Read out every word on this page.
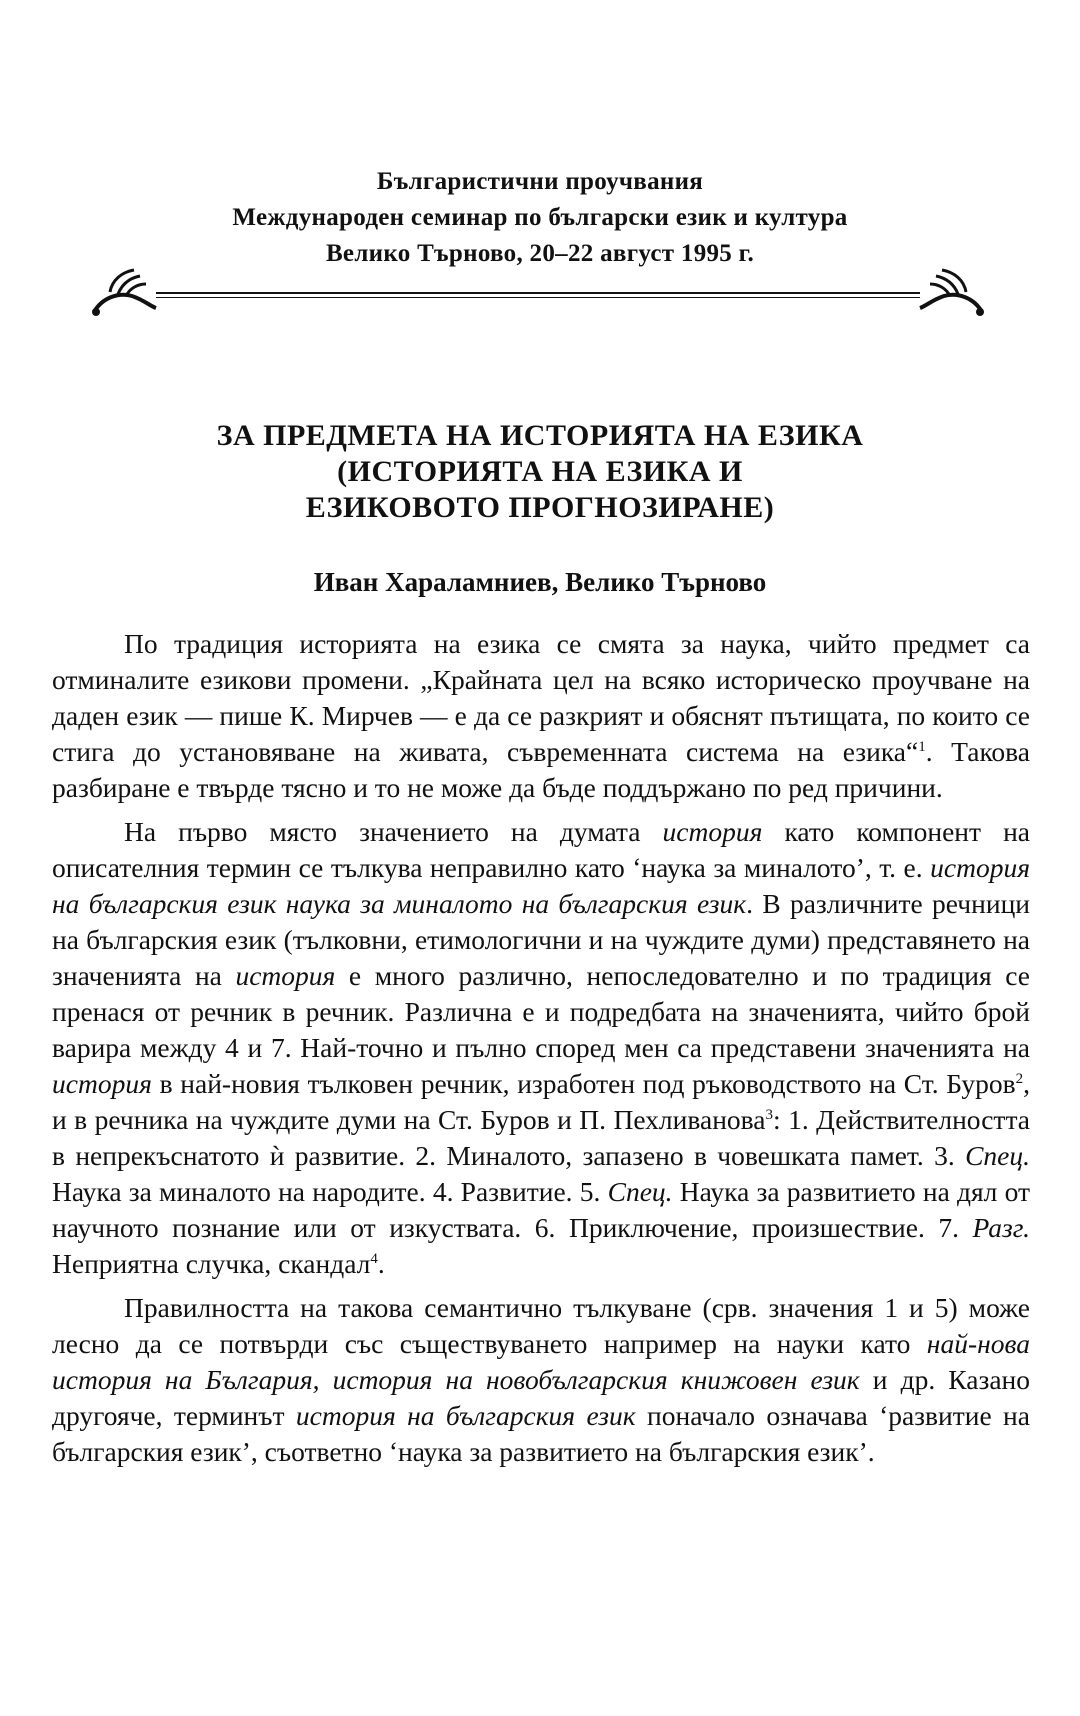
Българистични проучвания
Международен семинар по български език и култура
Велико Търново, 20–22 август 1995 г.
ЗА ПРЕДМЕТА НА ИСТОРИЯТА НА ЕЗИКА
(ИСТОРИЯТА НА ЕЗИКА И
ЕЗИКОВОТО ПРОГНОЗИРАНЕ)
Иван Хараламниев, Велико Търново

По традиция историята на езика се смята за наука, чийто предмет са отминалите езикови промени. „Крайната цел на всяко историческо проучване на даден език — пише К. Мирчев — е да се разкрият и обяснят пътищата, по които се стига до установяване на живата, съвременната система на езика“$^1$. Такова разбиране е твърде тясно и то не може да бъде поддържано по ред причини.

На първо място значението на думата история като компонент на описателния термин се тълкува неправилно като ‘наука за миналото’, т. е. история на българския език наука за миналото на българския език. В различните речници на българския език (тълковни, етимологични и на чуждите думи) представянето на значенията на история е много различно, непоследователно и по традиция се пренася от речник в речник. Различна е и подредбата на значенията, чийто брой варира между 4 и 7. Най-точно и пълно според мен са представени значенията на история в най-новия тълковен речник, изработен под ръководството на Ст. Буров$^2$, и в речника на чуждите думи на Ст. Буров и П. Пехливанова$^3$: 1. Действителността в непрекъснатото ѝ развитие. 2. Миналото, запазено в човешката памет. 3. Спец. Наука за миналото на народите. 4. Развитие. 5. Спец. Наука за развитието на дял от научното познание или от изкуствата. 6. Приключение, произшествие. 7. Разг. Неприятна случка, скандал$^4$.

Правилността на такова семантично тълкуване (срв. значения 1 и 5) може лесно да се потвърди със съществуването например на науки като най-нова история на България, история на новобългарския книжовен език и др. Казано другояче, терминът история на българския език поначало означава ‘развитие на българския език’, съответно ‘наука за развитието на българския език’.
